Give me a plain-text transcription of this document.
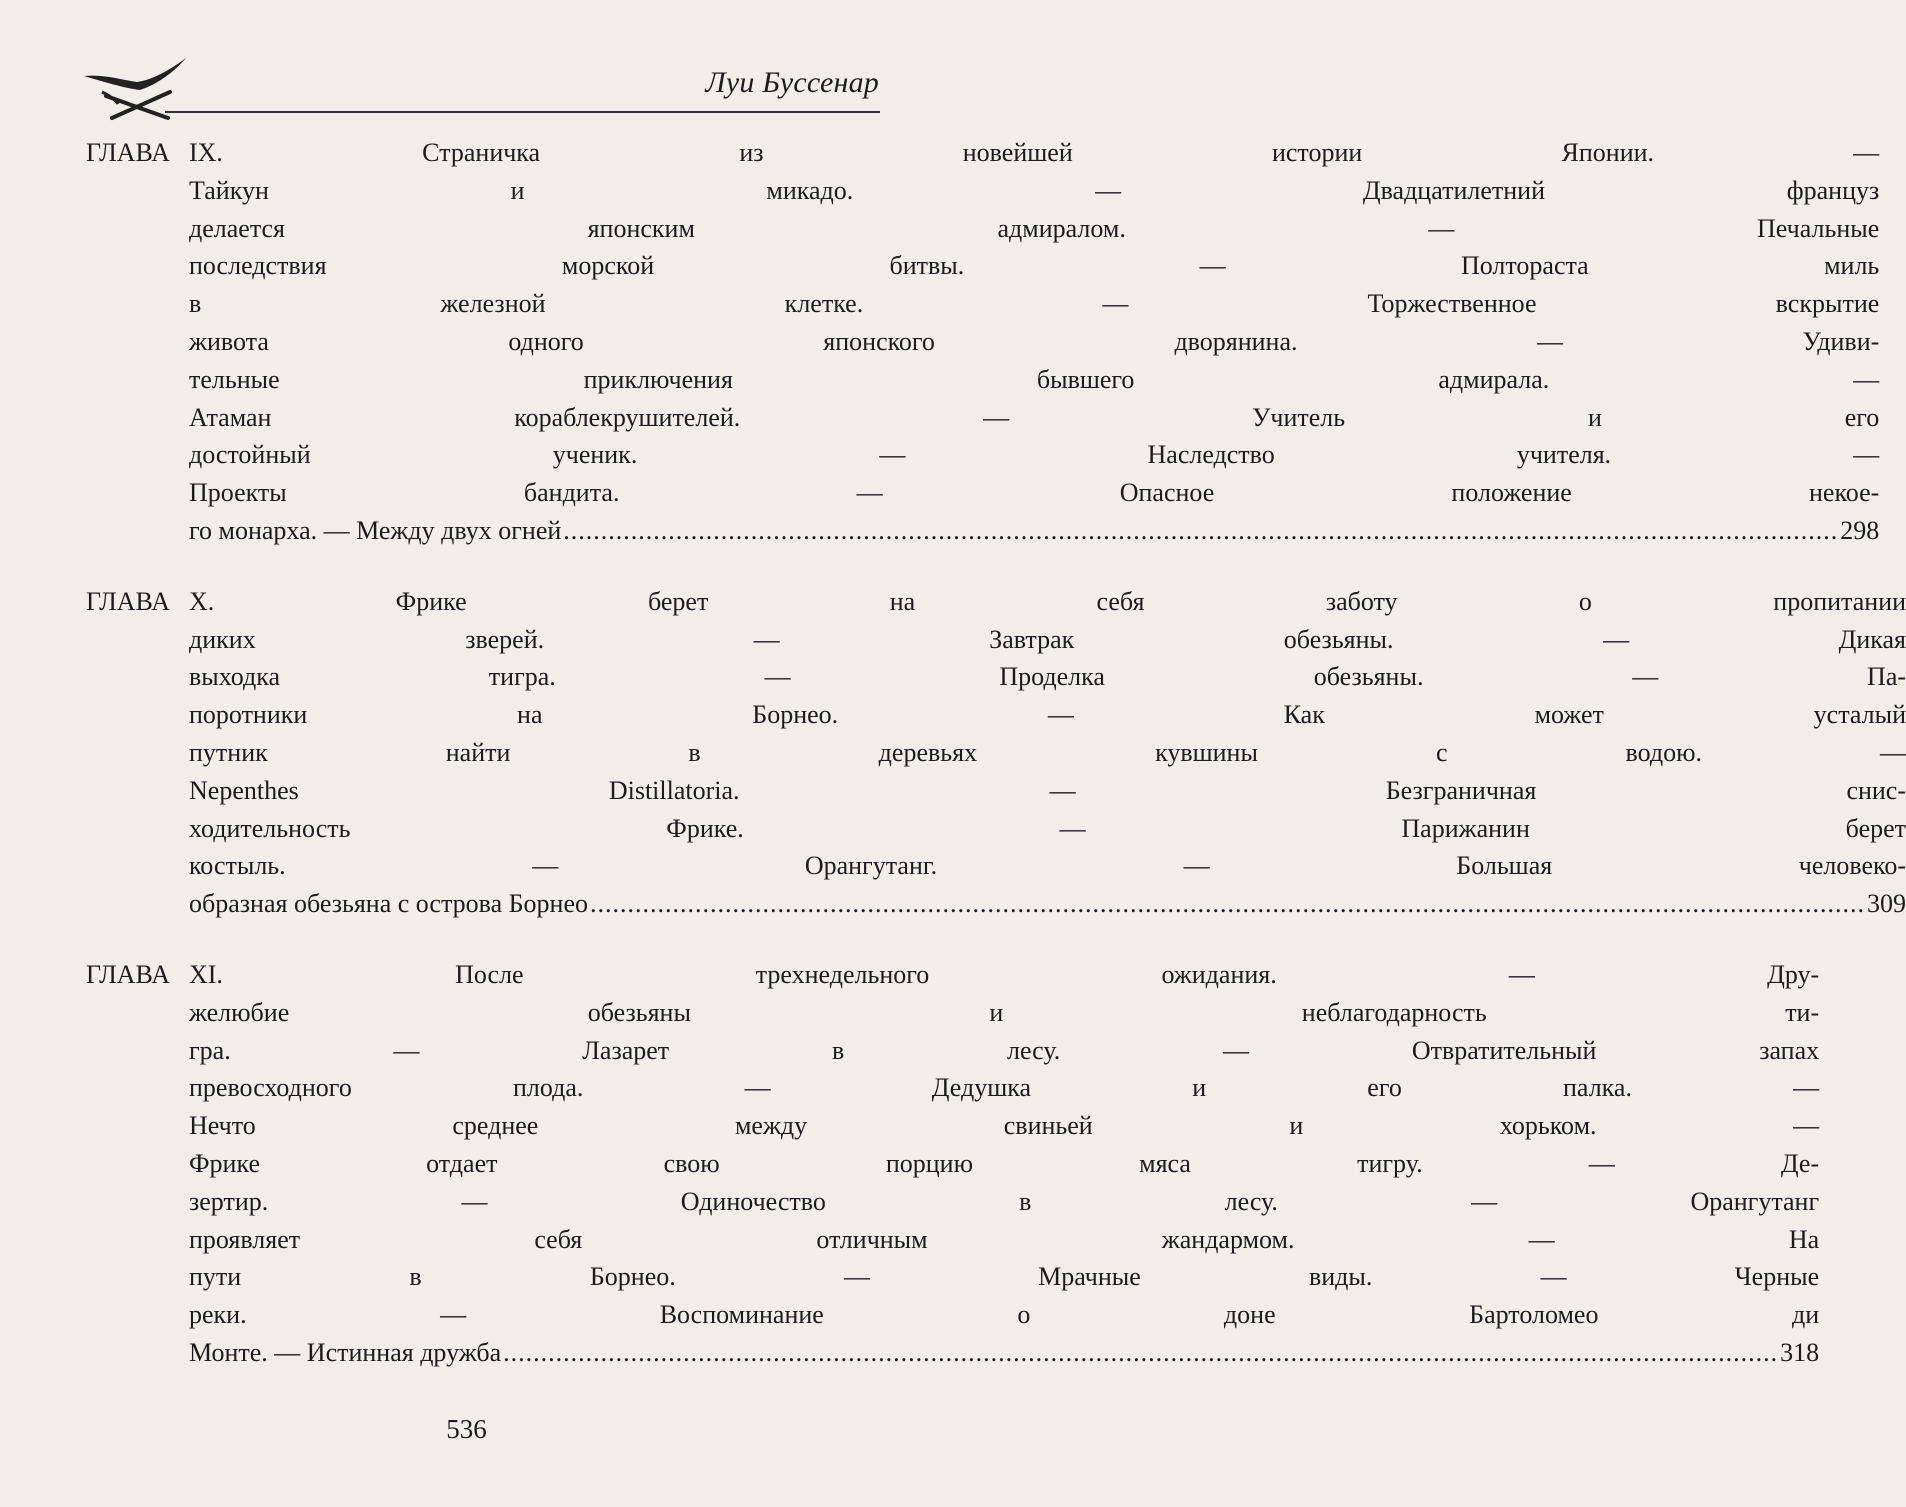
Луи Буссенар
ГЛАВА IX. Страничка из новейшей истории Японии. —
Тайкун и микадо. — Двадцатилетний француз
делается японским адмиралом. — Печальные
последствия морской битвы. — Полтораста миль
в железной клетке. — Торжественное вскрытие
живота одного японского дворянина. — Удиви-
тельные приключения бывшего адмирала. —
Атаман кораблекрушителей. — Учитель и его
достойный ученик. — Наследство учителя. —
Проекты бандита. — Опасное положение некое-
го монарха. — Между двух огней .....	298
ГЛАВА X. Фрике берет на себя заботу о пропитании
диких зверей. — Завтрак обезьяны. — Дикая
выходка тигра. — Проделка обезьяны. — Па-
поротники на Борнео. — Как может усталый
путник найти в деревьях кувшины с водою. —
Nepenthes Distillatoria. — Безграничная снис-
ходительность Фрике. — Парижанин берет
костыль. — Орангутанг. — Большая человеко-
образная обезьяна с острова Борнео .....	309
ГЛАВА XI. После трехнедельного ожидания. — Дру-
желюбие обезьяны и неблагодарность ти-
гра. — Лазарет в лесу. — Отвратительный запах
превосходного плода. — Дедушка и его палка. —
Нечто среднее между свиньей и хорьком. —
Фрике отдает свою порцию мяса тигру. — Де-
зертир. — Одиночество в лесу. — Орангутанг
проявляет себя отличным жандармом. — На
пути в Борнео. — Мрачные виды. — Черные
реки. — Воспоминание о доне Бартоломео ди
Монте. — Истинная дружба .....	318
536
